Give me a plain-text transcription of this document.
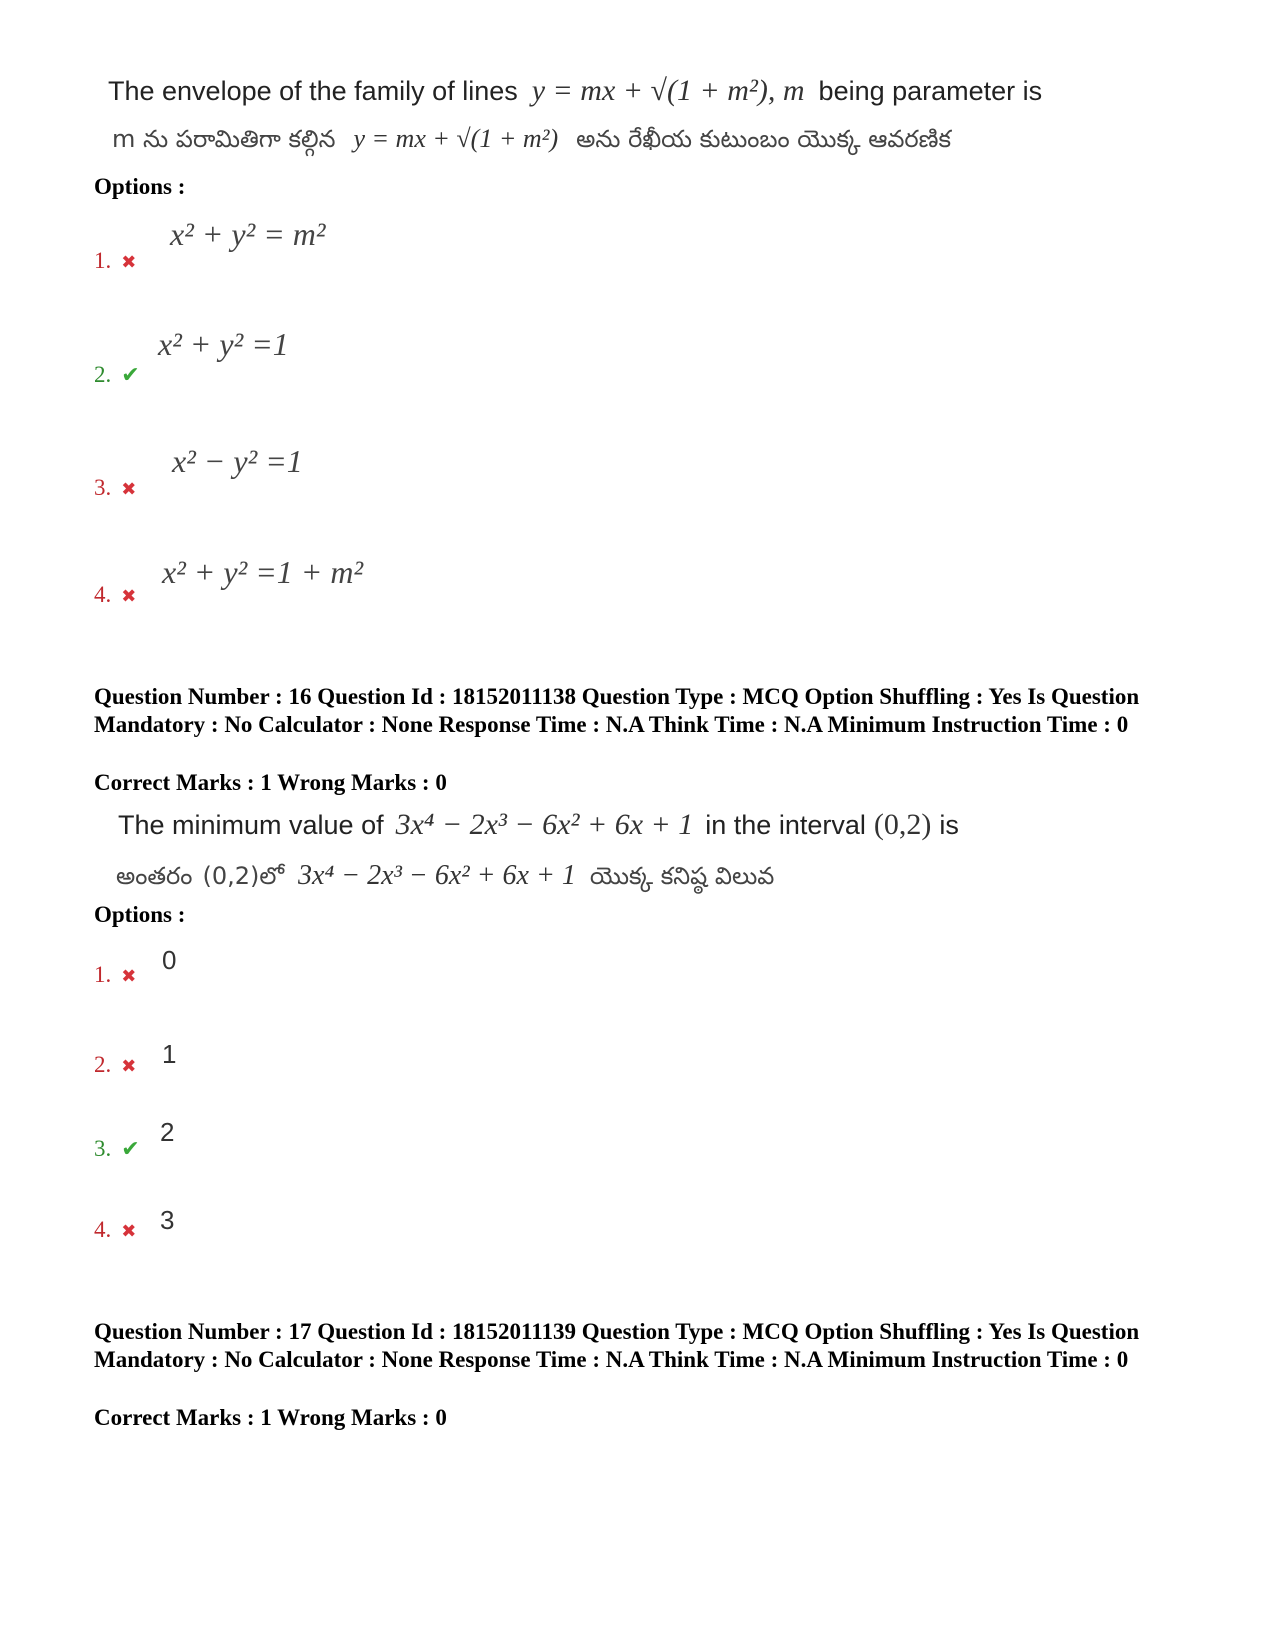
The envelope of the family of lines y = mx + √(1 + m²), m being parameter is
m ను పరామితిగా కల్గిన y = mx + √(1 + m²) అను రేఖీయ కుటుంబం యొక్క ఆవరణిక
Options :
x² + y² = m²
1. ✖
x² + y² =1
2. ✔
x² − y² =1
3. ✖
x² + y² =1 + m²
4. ✖
Question Number : 16 Question Id : 18152011138 Question Type : MCQ Option Shuffling : Yes Is Question Mandatory : No Calculator : None Response Time : N.A Think Time : N.A Minimum Instruction Time : 0
Correct Marks : 1 Wrong Marks : 0
The minimum value of 3x⁴ − 2x³ − 6x² + 6x + 1 in the interval (0,2) is
అంతరం (0,2)లో 3x⁴ − 2x³ − 6x² + 6x + 1 యొక్క కనిష్ఠ విలువ
Options :
0
1. ✖
1
2. ✖
2
3. ✔
3
4. ✖
Question Number : 17 Question Id : 18152011139 Question Type : MCQ Option Shuffling : Yes Is Question Mandatory : No Calculator : None Response Time : N.A Think Time : N.A Minimum Instruction Time : 0
Correct Marks : 1 Wrong Marks : 0
